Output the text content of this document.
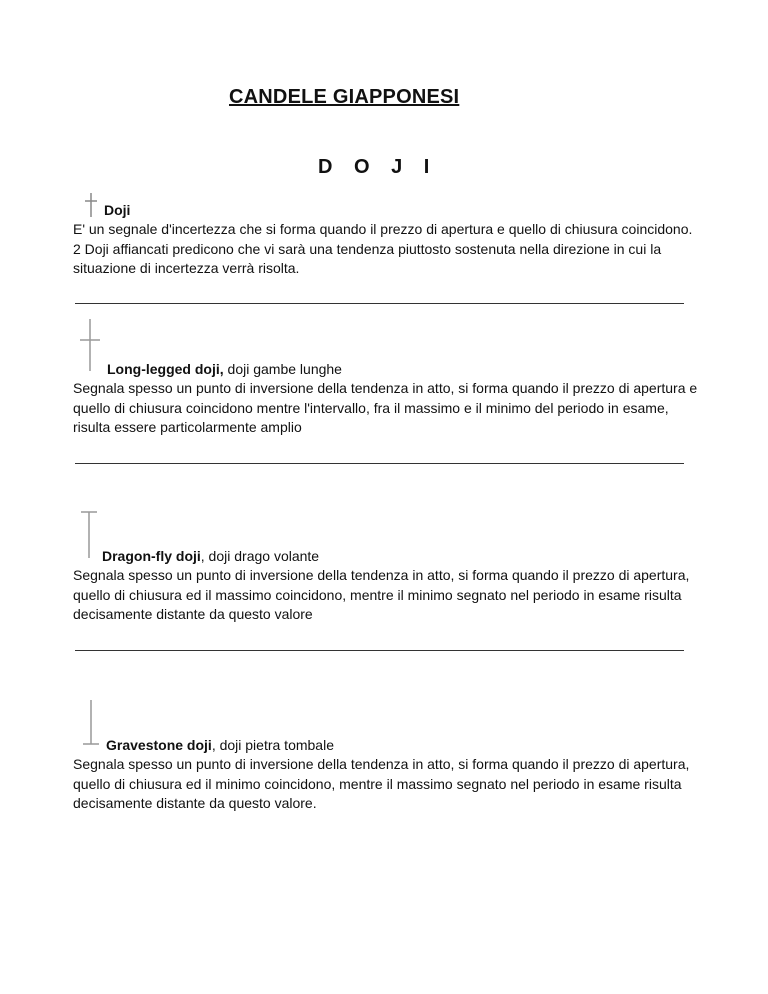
CANDELE GIAPPONESI
D O J I
Doji

E' un segnale d'incertezza che si forma quando il prezzo di apertura e quello di chiusura coincidono. 2 Doji affiancati predicono che vi sarà una tendenza piuttosto sostenuta nella direzione in cui la situazione di incertezza verrà risolta.

Long-legged doji, doji gambe lunghe

Segnala spesso un punto di inversione della tendenza in atto, si forma quando il prezzo di apertura e quello di chiusura coincidono mentre l'intervallo, fra il massimo e il minimo del periodo in esame, risulta essere particolarmente amplio

Dragon-fly doji, doji drago volante

Segnala spesso un punto di inversione della tendenza in atto, si forma quando il prezzo di apertura, quello di chiusura ed il massimo coincidono, mentre il minimo segnato nel periodo in esame risulta decisamente distante da questo valore

Gravestone doji, doji pietra tombale

Segnala spesso un punto di inversione della tendenza in atto, si forma quando il prezzo di apertura, quello di chiusura ed il minimo coincidono, mentre il massimo segnato nel periodo in esame risulta decisamente distante da questo valore.
